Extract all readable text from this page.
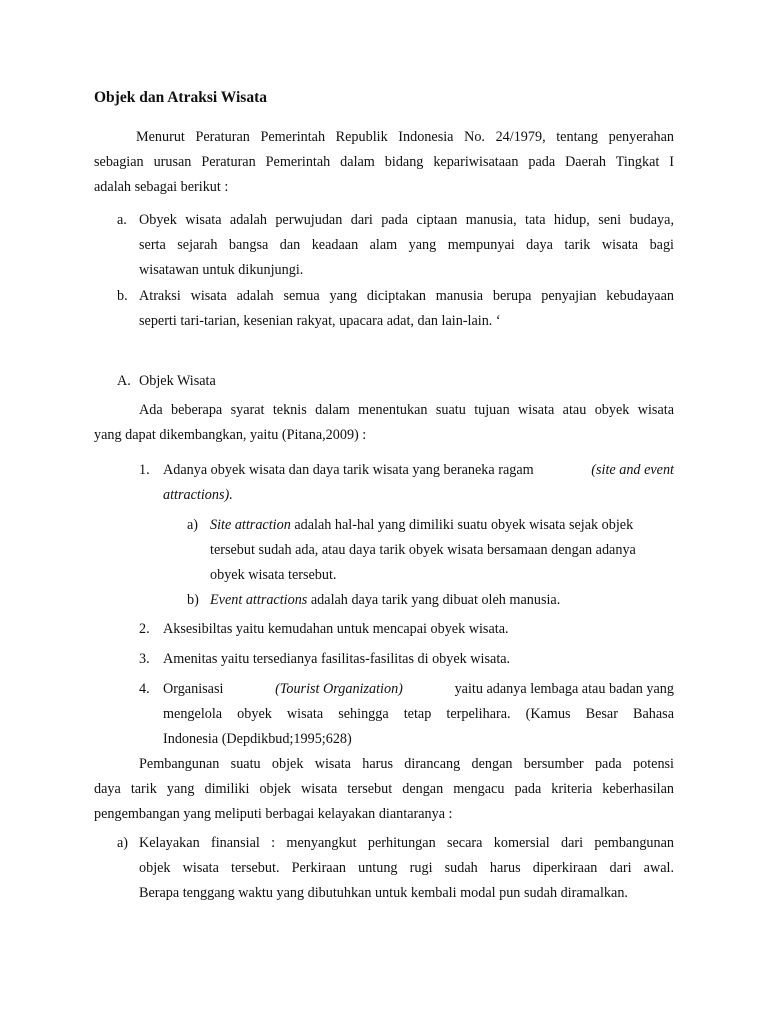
Objek dan Atraksi Wisata
Menurut Peraturan Pemerintah Republik Indonesia No. 24/1979, tentang penyerahan
sebagian urusan Peraturan Pemerintah dalam bidang kepariwisataan pada Daerah Tingkat I
adalah sebagai berikut :
a. Obyek wisata adalah perwujudan dari pada ciptaan manusia, tata hidup, seni budaya,
serta sejarah bangsa dan keadaan alam yang mempunyai daya tarik wisata bagi
wisatawan untuk dikunjungi.
b. Atraksi wisata adalah semua yang diciptakan manusia berupa penyajian kebudayaan
seperti tari-tarian, kesenian rakyat, upacara adat, dan lain-lain. ‘
A. Objek Wisata
Ada beberapa syarat teknis dalam menentukan suatu tujuan wisata atau obyek wisata
yang dapat dikembangkan, yaitu (Pitana,2009) :
1. Adanya obyek wisata dan daya tarik wisata yang beraneka ragam	(site and event
attractions).
a) Site attraction adalah hal-hal yang dimiliki suatu obyek wisata sejak objek
tersebut sudah ada, atau daya tarik obyek wisata bersamaan dengan adanya
obyek wisata tersebut.
b) Event attractions adalah daya tarik yang dibuat oleh manusia.
2. Aksesibiltas yaitu kemudahan untuk mencapai obyek wisata.
3. Amenitas yaitu tersedianya fasilitas-fasilitas di obyek wisata.
4. Organisasi	(Tourist Organization)	yaitu adanya lembaga atau badan yang
mengelola obyek wisata sehingga tetap terpelihara. (Kamus Besar Bahasa
Indonesia (Depdikbud;1995;628)
Pembangunan suatu objek wisata harus dirancang dengan bersumber pada potensi
daya tarik yang dimiliki objek wisata tersebut dengan mengacu pada kriteria keberhasilan
pengembangan yang meliputi berbagai kelayakan diantaranya :
a) Kelayakan finansial : menyangkut perhitungan secara komersial dari pembangunan
objek wisata tersebut. Perkiraan untung rugi sudah harus diperkiraan dari awal.
Berapa tenggang waktu yang dibutuhkan untuk kembali modal pun sudah diramalkan.
